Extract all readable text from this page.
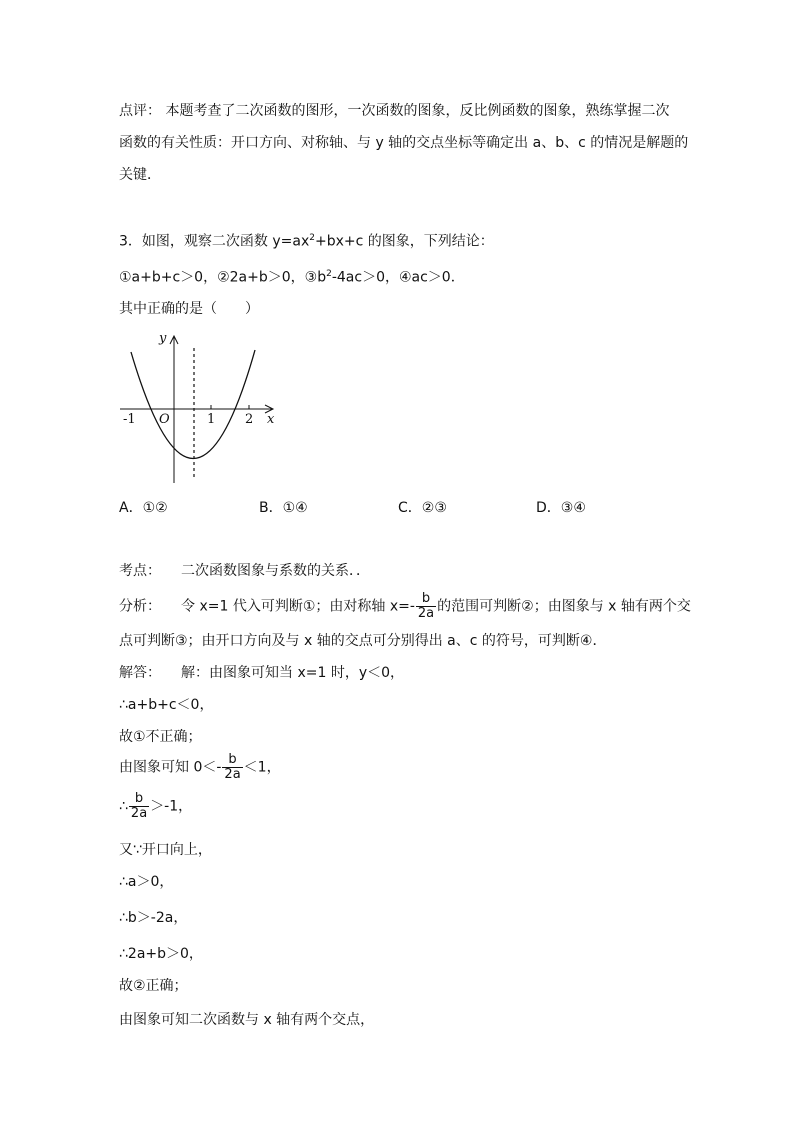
点评： 本题考查了二次函数的图形，一次函数的图象，反比例函数的图象，熟练掌握二次
函数的有关性质：开口方向、对称轴、与 y 轴的交点坐标等确定出 a、b、c 的情况是解题的
关键．
3．如图，观察二次函数 $y=ax^2+bx+c$ 的图象，下列结论：
①a+b+c＞0，②2a+b＞0，$③b^2-4ac>0$，④ac＞0．
其中正确的是（　　）
y
x
O
-1	1 2
A．①②	B．①④	C．②③	D．③④
考点： 二次函数图象与系数的关系．．
分析： 令 x=1 代入可判断①；由对称轴 $x=- \frac{b}{2a}$ 的范围可判断②；由图象与 x 轴有两个交
点可判断③；由开口方向及与 x 轴的交点可分别得出 a、c 的符号，可判断④．
解答： 解：由图象可知当 x=1 时，y＜0，
∴a+b+c＜0，
故①不正确；
由图象可知 $0<- \frac{b}{2a} <1$，
∴ $\frac{b}{2a} >-1$，
又∵开口向上，
∴a＞0，
∴b＞-2a，
∴2a+b＞0，
故②正确；
由图象可知二次函数与 x 轴有两个交点，
